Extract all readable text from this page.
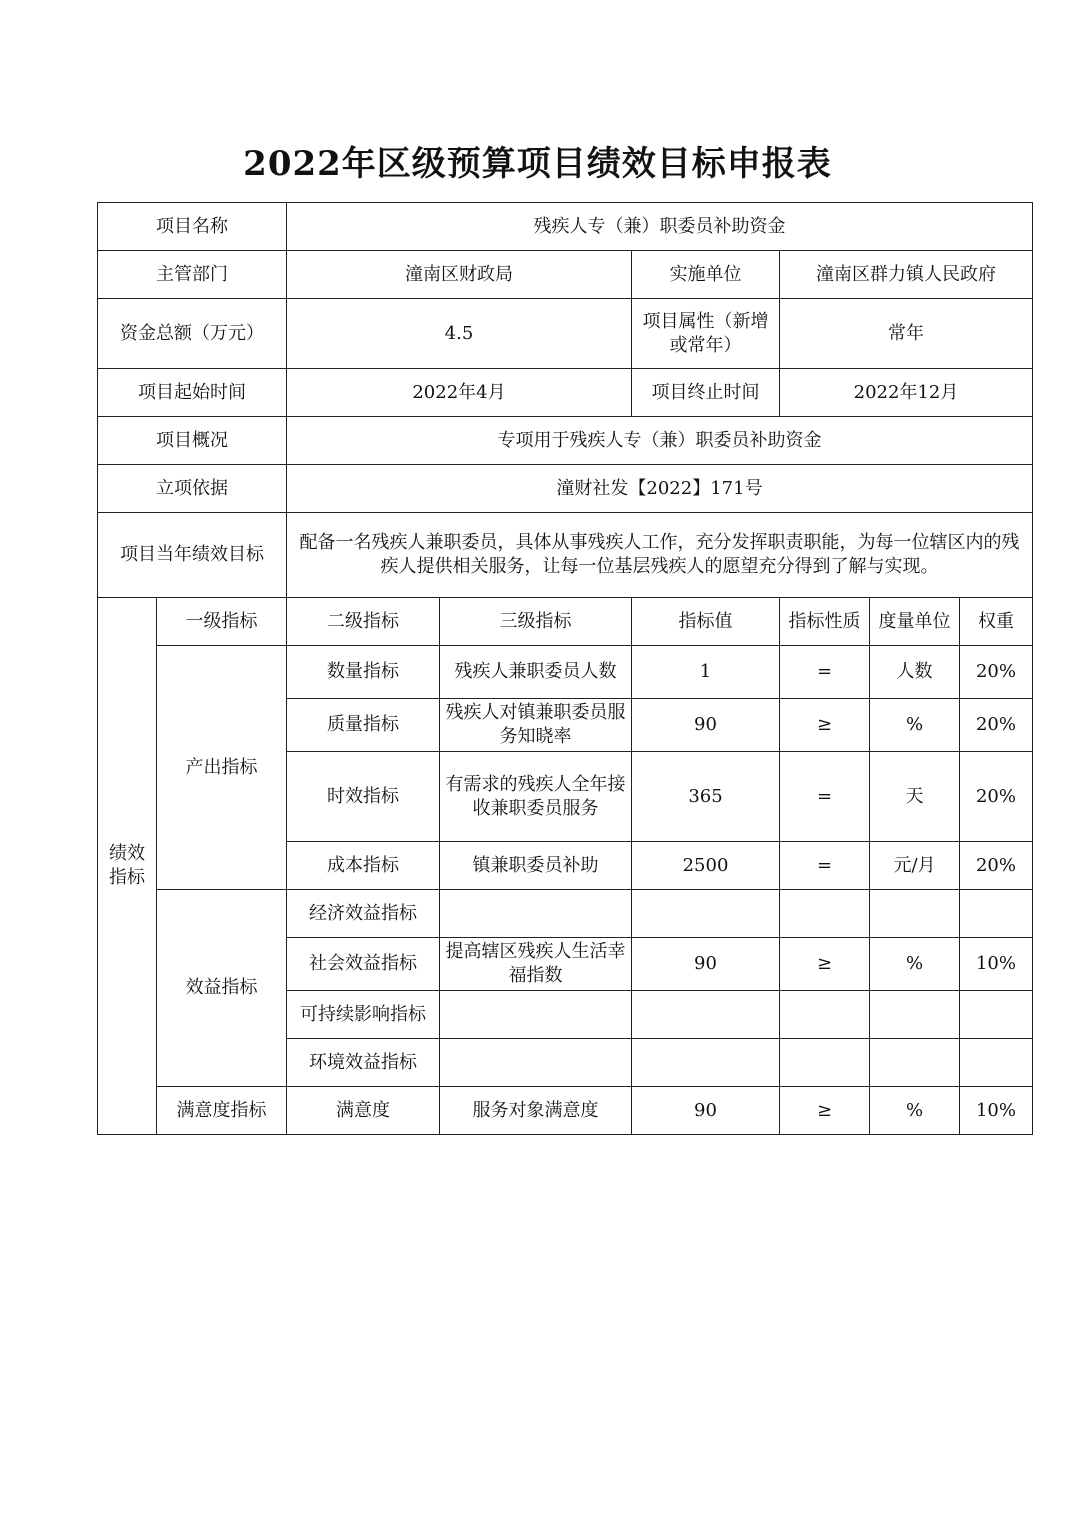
2022年区级预算项目绩效目标申报表
项目名称		残疾人专（兼）职委员补助资金					
主管部门		潼南区财政局		实施单位	潼南区群力镇人民政府		
资金总额（万元）		4.5		项目属性（新增或常年）	常年		
项目起始时间		2022年4月		项目终止时间	2022年12月		
项目概况		专项用于残疾人专（兼）职委员补助资金					
立项依据		潼财社发【2022】171号					
项目当年绩效目标		配备一名残疾人兼职委员，具体从事残疾人工作，充分发挥职责职能，为每一位辖区内的残疾人提供相关服务，让每一位基层残疾人的愿望充分得到了解与实现。					
绩效指标	一级指标	二级指标	三级指标	指标值	指标性质	度量单位	权重
	产出指标	数量指标	残疾人兼职委员人数	1	=	人数	20%
		质量指标	残疾人对镇兼职委员服务知晓率	90	≥	%	20%
		时效指标	有需求的残疾人全年接收兼职委员服务	365	=	天	20%
		成本指标	镇兼职委员补助	2500	=	元/月	20%
	效益指标	经济效益指标					
		社会效益指标	提高辖区残疾人生活幸福指数	90	≥	%	10%
		可持续影响指标					
		环境效益指标					
	满意度指标	满意度	服务对象满意度	90	≥	%	10%
